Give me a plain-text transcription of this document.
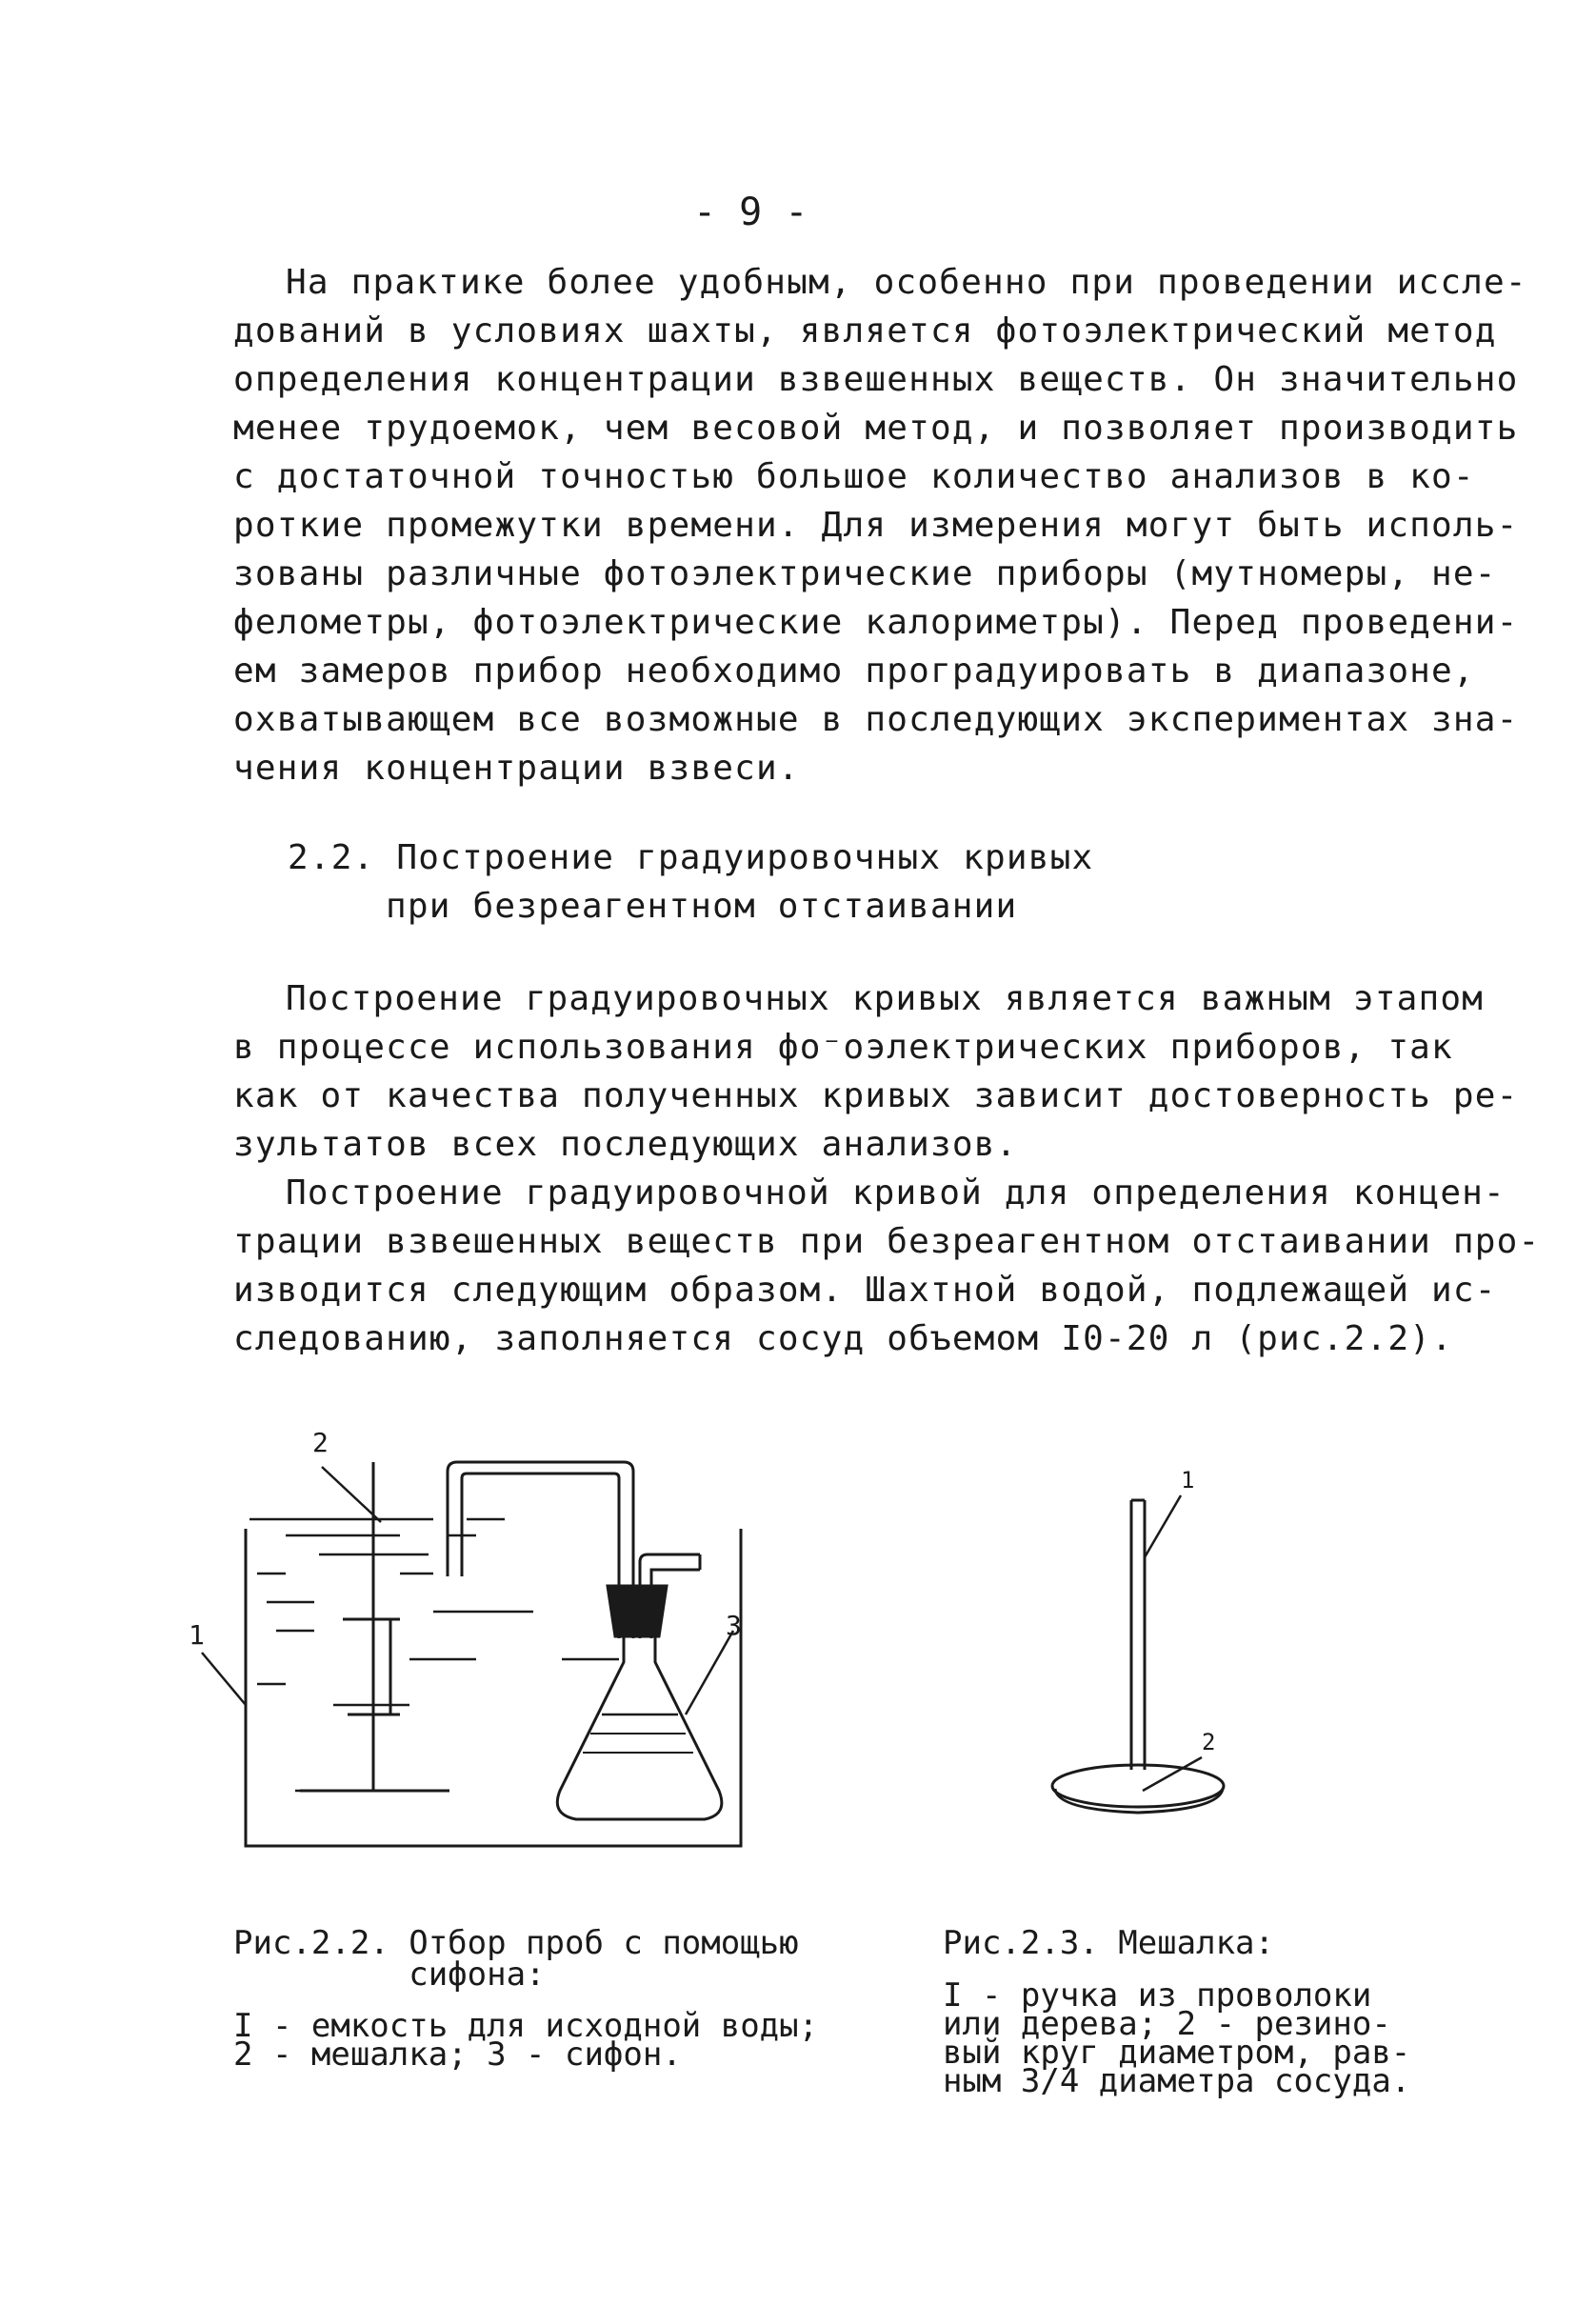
- 9 -
На практике более удобным, особенно при проведении иссле-
дований в условиях шахты, является фотоэлектрический метод
определения концентрации взвешенных веществ. Он значительно
менее трудоемок, чем весовой метод, и позволяет производить
с достаточной точностью большое количество анализов в ко-
роткие промежутки времени. Для измерения могут быть исполь-
зованы различные фотоэлектрические приборы (мутномеры, не-
фелометры, фотоэлектрические калориметры). Перед проведени-
ем замеров прибор необходимо проградуировать в диапазоне,
охватывающем все возможные в последующих экспериментах зна-
чения концентрации взвеси.
2.2. Построение градуировочных кривых
при безреагентном отстаивании
Построение градуировочных кривых является важным этапом
в процессе использования фо⁻оэлектрических приборов, так
как от качества полученных кривых зависит достоверность ре-
зультатов всех последующих анализов.
Построение градуировочной кривой для определения концен-
трации взвешенных веществ при безреагентном отстаивании про-
изводится следующим образом. Шахтной водой, подлежащей ис-
следованию, заполняется сосуд объемом I0-20 л (рис.2.2).
1
2
3
1
2
Рис.2.2. Отбор проб с помощью
сифона:
I - емкость для исходной воды;
2 - мешалка; 3 - сифон.
Рис.2.3. Мешалка:
I - ручка из проволоки
или дерева; 2 - резино-
вый круг диаметром, рав-
ным 3/4 диаметра сосуда.
